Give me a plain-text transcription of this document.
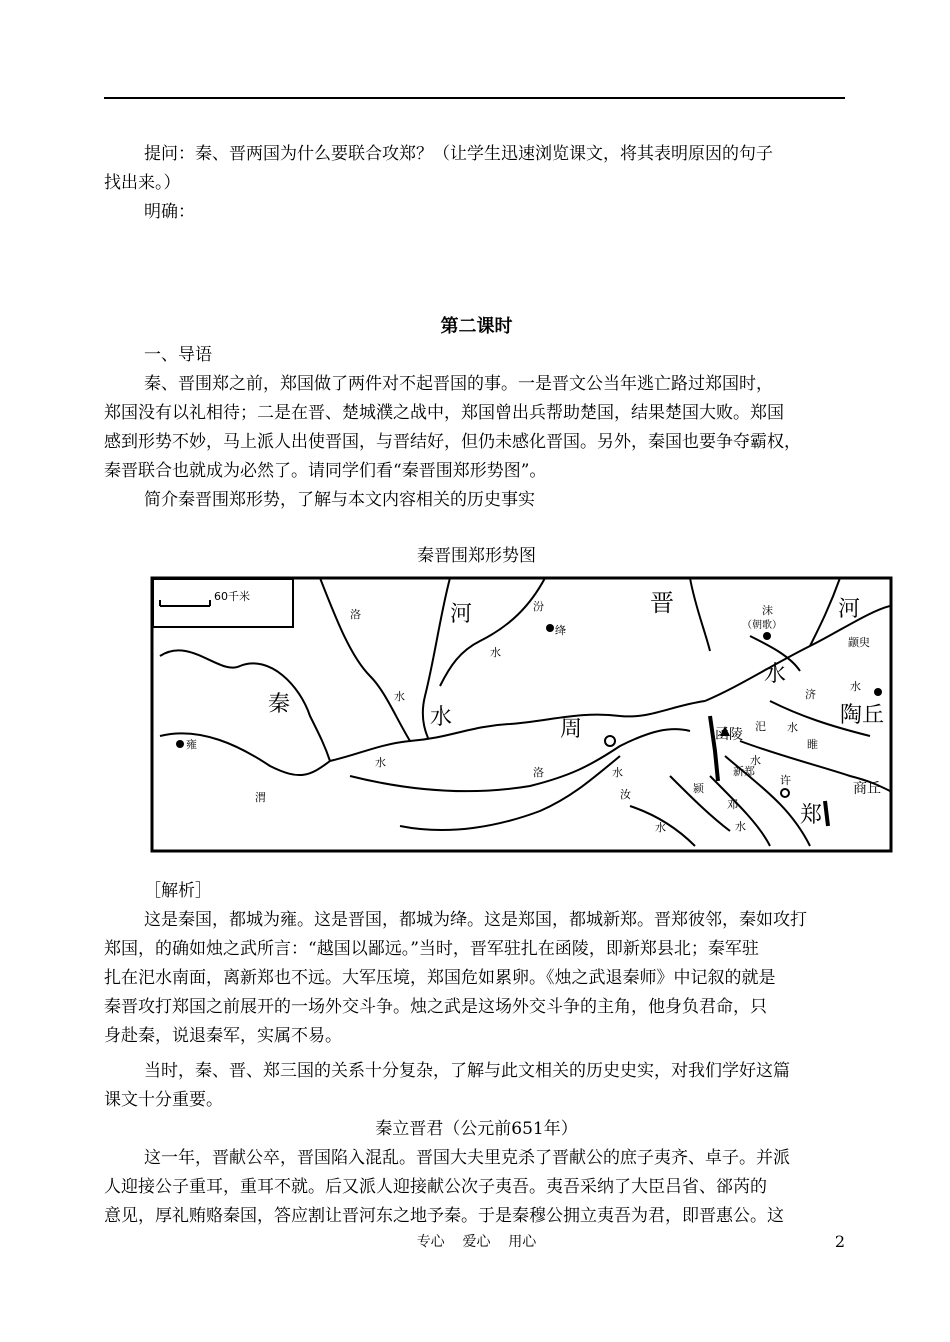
提问：秦、晋两国为什么要联合攻郑？（让学生迅速浏览课文，将其表明原因的句子
找出来。）
明确：
第二课时
一、导语
秦、晋围郑之前，郑国做了两件对不起晋国的事。一是晋文公当年逃亡路过郑国时，
郑国没有以礼相待；二是在晋、楚城濮之战中，郑国曾出兵帮助楚国，结果楚国大败。郑国
感到形势不妙，马上派人出使晋国，与晋结好，但仍未感化晋国。另外，秦国也要争夺霸权，
秦晋联合也就成为必然了。请同学们看“秦晋围郑形势图”。
简介秦晋围郑形势，了解与本文内容相关的历史事实
秦晋围郑形势图
60千米
河	河
晋
秦
水
水
周
陶丘
郑
商丘
函陵
新郑
绛
雍
洛
洛
汾
渭
沫
（朝歌）
颛臾
水
水
水
水
水	水
水
水
水
汝	颍
邓
汜
睢
济
许
［解析］
这是秦国，都城为雍。这是晋国，都城为绛。这是郑国，都城新郑。晋郑彼邻，秦如攻打
郑国，的确如烛之武所言：“越国以鄙远。”当时，晋军驻扎在函陵，即新郑县北；秦军驻
扎在汜水南面，离新郑也不远。大军压境，郑国危如累卵。《烛之武退秦师》中记叙的就是
秦晋攻打郑国之前展开的一场外交斗争。烛之武是这场外交斗争的主角，他身负君命，只
身赴秦，说退秦军，实属不易。
当时，秦、晋、郑三国的关系十分复杂，了解与此文相关的历史史实，对我们学好这篇
课文十分重要。
秦立晋君（公元前651年）
这一年，晋献公卒，晋国陷入混乱。晋国大夫里克杀了晋献公的庶子夷齐、卓子。并派
人迎接公子重耳，重耳不就。后又派人迎接献公次子夷吾。夷吾采纳了大臣吕省、郤芮的
意见，厚礼贿赂秦国，答应割让晋河东之地予秦。于是秦穆公拥立夷吾为君，即晋惠公。这
专心    爱心    用心	2
